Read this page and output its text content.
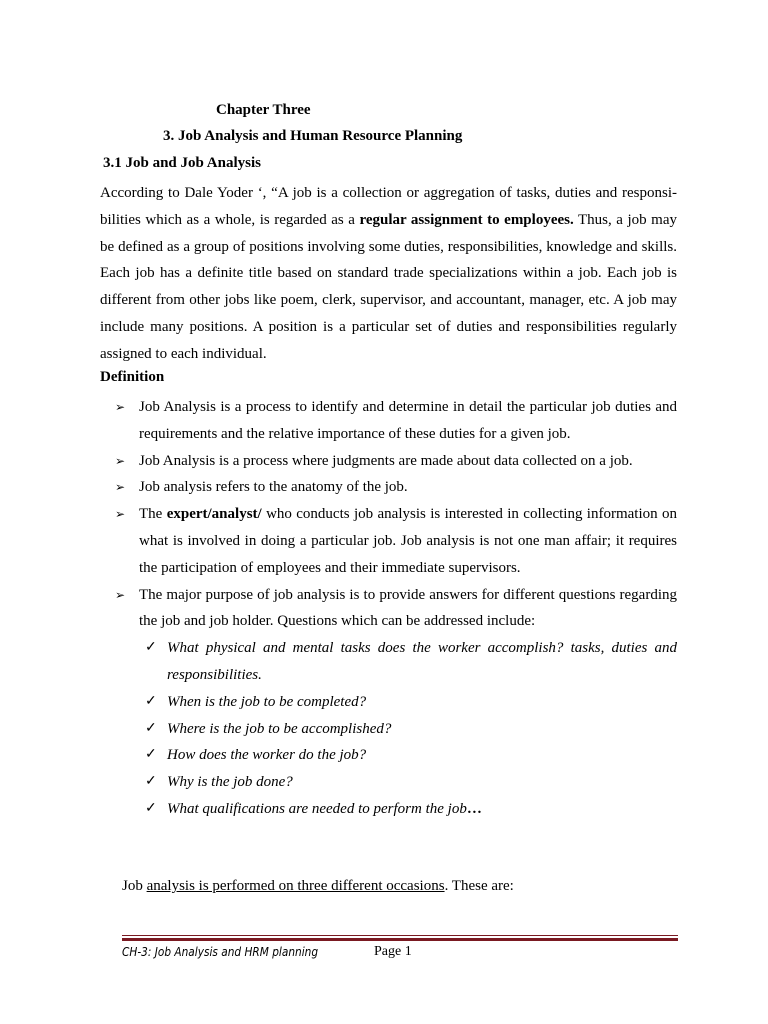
Chapter Three

3. Job Analysis and Human Resource Planning

3.1 Job and Job Analysis

According to Dale Yoder ‘, “A job is a collection or aggregation of tasks, duties and responsi-bilities which as a whole, is regarded as a regular assignment to employees. Thus, a job may be defined as a group of positions involving some duties, responsibilities, knowledge and skills. Each job has a definite title based on standard trade specializations within a job. Each job is different from other jobs like poem, clerk, supervisor, and accountant, manager, etc. A job may include many positions. A position is a particular set of duties and responsibilities regularly assigned to each individual.

Definition

➢ Job Analysis is a process to identify and determine in detail the particular job duties and requirements and the relative importance of these duties for a given job.
➢ Job Analysis is a process where judgments are made about data collected on a job.
➢ Job analysis refers to the anatomy of the job.
➢ The expert/analyst/ who conducts job analysis is interested in collecting information on what is involved in doing a particular job. Job analysis is not one man affair; it requires the participation of employees and their immediate supervisors.
➢ The major purpose of job analysis is to provide answers for different questions regarding the job and job holder. Questions which can be addressed include:
✓ What physical and mental tasks does the worker accomplish? tasks, duties and responsibilities.
✓ When is the job to be completed?
✓ Where is the job to be accomplished?
✓ How does the worker do the job?
✓ Why is the job done?
✓ What qualifications are needed to perform the job…

Job analysis is performed on three different occasions. These are:

CH-3: Job Analysis and HRM planning	Page 1
